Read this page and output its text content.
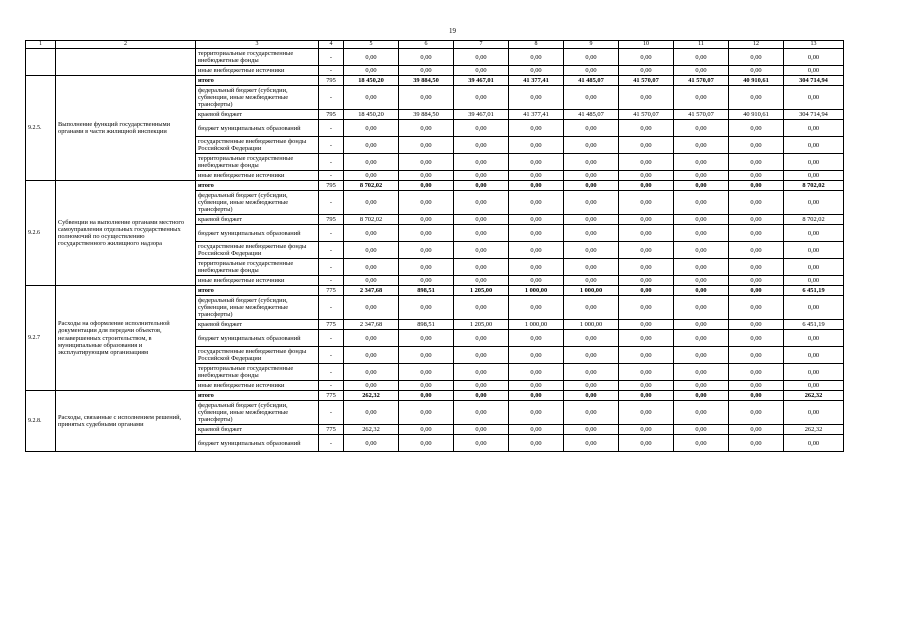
19
1	2	3	4	5	6	7	8	9	10	11	12	13
		территориальные государственные внебюджетные фонды	-	0,00	0,00	0,00	0,00	0,00	0,00	0,00	0,00	0,00
		иные внебюджетные источники	-	0,00	0,00	0,00	0,00	0,00	0,00	0,00	0,00	0,00
9.2.5.	Выполнение функций государственными органами в части жилищной инспекции	итого	795	18 450,20	39 884,50	39 467,01	41 377,41	41 485,07	41 570,07	41 570,07	40 910,61	304 714,94
		федеральный бюджет (субсидии, субвенции, иные межбюджетные трансферты)	-	0,00	0,00	0,00	0,00	0,00	0,00	0,00	0,00	0,00
		краевой бюджет	795	18 450,20	39 884,50	39 467,01	41 377,41	41 485,07	41 570,07	41 570,07	40 910,61	304 714,94
		бюджет муниципальных образований	-	0,00	0,00	0,00	0,00	0,00	0,00	0,00	0,00	0,00
		государственные внебюджетные фонды Российской Федерации	-	0,00	0,00	0,00	0,00	0,00	0,00	0,00	0,00	0,00
		территориальные государственные внебюджетные фонды	-	0,00	0,00	0,00	0,00	0,00	0,00	0,00	0,00	0,00
		иные внебюджетные источники	-	0,00	0,00	0,00	0,00	0,00	0,00	0,00	0,00	0,00
9.2.6	Субвенции на выполнение органами местного самоуправления отдельных государственных полномочий по осуществлению государственного жилищного надзора	итого	795	8 702,02	0,00	0,00	0,00	0,00	0,00	0,00	0,00	8 702,02
		федеральный бюджет (субсидии, субвенции, иные межбюджетные трансферты)	-	0,00	0,00	0,00	0,00	0,00	0,00	0,00	0,00	0,00
		краевой бюджет	795	8 702,02	0,00	0,00	0,00	0,00	0,00	0,00	0,00	8 702,02
		бюджет муниципальных образований	-	0,00	0,00	0,00	0,00	0,00	0,00	0,00	0,00	0,00
		государственные внебюджетные фонды Российской Федерации	-	0,00	0,00	0,00	0,00	0,00	0,00	0,00	0,00	0,00
		территориальные государственные внебюджетные фонды	-	0,00	0,00	0,00	0,00	0,00	0,00	0,00	0,00	0,00
		иные внебюджетные источники	-	0,00	0,00	0,00	0,00	0,00	0,00	0,00	0,00	0,00
9.2.7	Расходы на оформление исполнительной документации для передачи объектов, незавершенных строительством, в муниципальные образования и эксплуатирующим организациям	итого	775	2 347,68	898,51	1 205,00	1 000,00	1 000,00	0,00	0,00	0,00	6 451,19
		федеральный бюджет (субсидии, субвенции, иные межбюджетные трансферты)	-	0,00	0,00	0,00	0,00	0,00	0,00	0,00	0,00	0,00
		краевой бюджет	775	2 347,68	898,51	1 205,00	1 000,00	1 000,00	0,00	0,00	0,00	6 451,19
		бюджет муниципальных образований	-	0,00	0,00	0,00	0,00	0,00	0,00	0,00	0,00	0,00
		государственные внебюджетные фонды Российской Федерации	-	0,00	0,00	0,00	0,00	0,00	0,00	0,00	0,00	0,00
		территориальные государственные внебюджетные фонды	-	0,00	0,00	0,00	0,00	0,00	0,00	0,00	0,00	0,00
		иные внебюджетные источники	-	0,00	0,00	0,00	0,00	0,00	0,00	0,00	0,00	0,00
9.2.8.	Расходы, связанные с исполнением решений, принятых судебными органами	итого	775	262,32	0,00	0,00	0,00	0,00	0,00	0,00	0,00	262,32
		федеральный бюджет (субсидии, субвенции, иные межбюджетные трансферты)	-	0,00	0,00	0,00	0,00	0,00	0,00	0,00	0,00	0,00
		краевой бюджет	775	262,32	0,00	0,00	0,00	0,00	0,00	0,00	0,00	262,32
		бюджет муниципальных образований	-	0,00	0,00	0,00	0,00	0,00	0,00	0,00	0,00	0,00
